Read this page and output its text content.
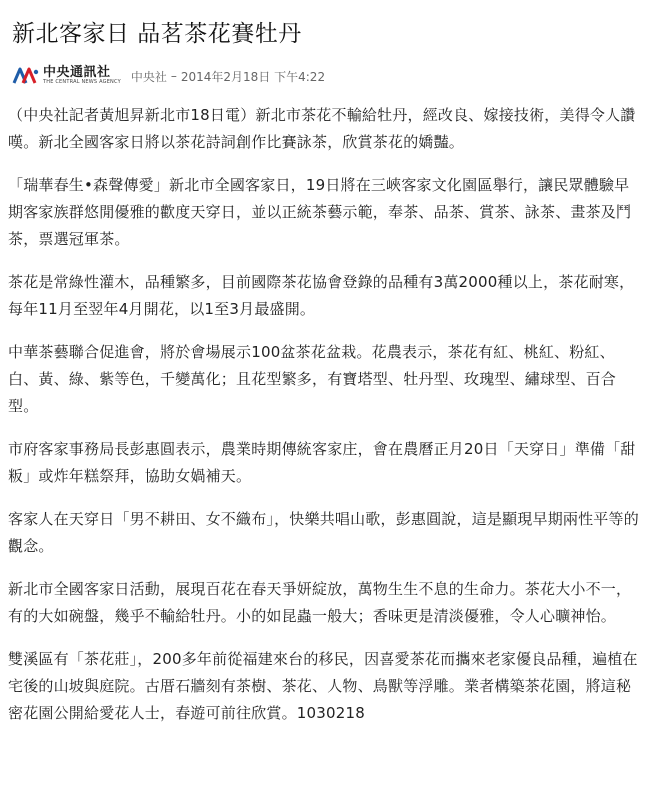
新北客家日 品茗茶花賽牡丹
中央通訊社
THE CENTRAL NEWS AGENCY 中央社 – 2014年2月18日 下午4:22

（中央社記者黃旭昇新北市18日電）新北市茶花不輸給牡丹，經改良、嫁接技術，美得令人讚嘆。新北全國客家日將以茶花詩詞創作比賽詠茶，欣賞茶花的嬌豔。

「瑞華春生•森聲傳愛」新北市全國客家日，19日將在三峽客家文化園區舉行，讓民眾體驗早期客家族群悠閒優雅的歡度天穿日，並以正統茶藝示範，奉茶、品茶、賞茶、詠茶、畫茶及鬥茶，票選冠軍茶。

茶花是常綠性灌木，品種繁多，目前國際茶花協會登錄的品種有3萬2000種以上，茶花耐寒，每年11月至翌年4月開花，以1至3月最盛開。

中華茶藝聯合促進會，將於會場展示100盆茶花盆栽。花農表示，茶花有紅、桃紅、粉紅、白、黃、綠、紫等色，千變萬化；且花型繁多，有寶塔型、牡丹型、玫瑰型、繡球型、百合型。

市府客家事務局長彭惠圓表示，農業時期傳統客家庄，會在農曆正月20日「天穿日」準備「甜粄」或炸年糕祭拜，協助女媧補天。

客家人在天穿日「男不耕田、女不織布」，快樂共唱山歌，彭惠圓說，這是顯現早期兩性平等的觀念。

新北市全國客家日活動，展現百花在春天爭妍綻放，萬物生生不息的生命力。茶花大小不一，有的大如碗盤，幾乎不輸給牡丹。小的如昆蟲一般大；香味更是清淡優雅，令人心曠神怡。

雙溪區有「茶花莊」，200多年前從福建來台的移民，因喜愛茶花而攜來老家優良品種，遍植在宅後的山坡與庭院。古厝石牆刻有茶樹、茶花、人物、鳥獸等浮雕。業者構築茶花園，將這秘密花園公開給愛花人士，春遊可前往欣賞。1030218
